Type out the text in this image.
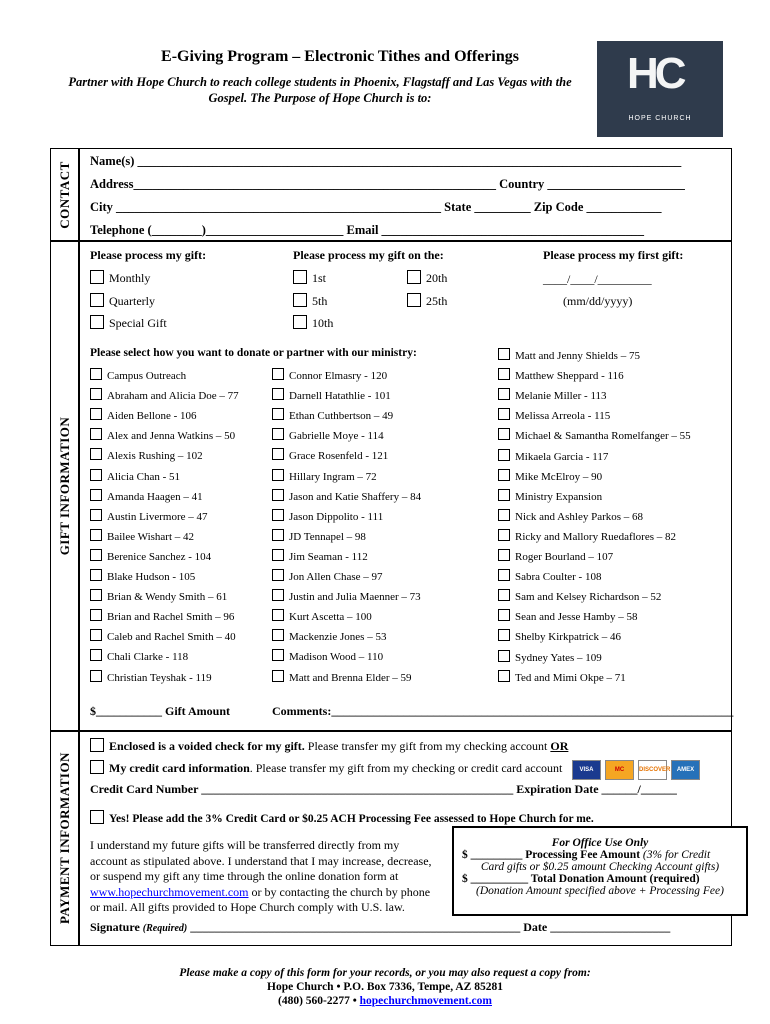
E-Giving Program – Electronic Tithes and Offerings
Partner with Hope Church to reach college students in Phoenix, Flagstaff and Las Vegas with the
Gospel. The Purpose of Hope Church is to:	HC
HOPE CHURCH
CONTACT
Name(s) _______________________________________________________________________________________
Address__________________________________________________________ Country ______________________
City ____________________________________________________ State _________ Zip Code ____________
Telephone (________)______________________ Email __________________________________________
GIFT INFORMATION
Please process my gift:	Please process my gift on the:	Please process my first gift:
Monthly
Quarterly
Special Gift
1st	20th
5th	25th
10th
____/____/_________
(mm/dd/yyyy)
Please select how you want to donate or partner with our ministry:
Campus Outreach
Abraham and Alicia Doe – 77
Aiden Bellone - 106
Alex and Jenna Watkins – 50
Alexis Rushing – 102
Alicia Chan - 51
Amanda Haagen – 41
Austin Livermore – 47
Bailee Wishart – 42
Berenice Sanchez - 104
Blake Hudson - 105
Brian & Wendy Smith – 61
Brian and Rachel Smith – 96
Caleb and Rachel Smith – 40
Chali Clarke - 118
Christian Teyshak - 119
Connor Elmasry - 120
Darnell Hatathlie - 101
Ethan Cuthbertson – 49
Gabrielle Moye - 114
Grace Rosenfeld - 121
Hillary Ingram – 72
Jason and Katie Shaffery – 84
Jason Dippolito - 111
JD Tennapel – 98
Jim Seaman - 112
Jon Allen Chase – 97
Justin and Julia Maenner – 73
Kurt Ascetta – 100
Mackenzie Jones – 53
Madison Wood – 110
Matt and Brenna Elder – 59
Matt and Jenny Shields – 75
Matthew Sheppard - 116
Melanie Miller - 113
Melissa Arreola - 115
Michael & Samantha Romelfanger – 55
Mikaela Garcia - 117
Mike McElroy – 90
Ministry Expansion
Nick and Ashley Parkos – 68
Ricky and Mallory Ruedaflores – 82
Roger Bourland – 107
Sabra Coulter - 108
Sam and Kelsey Richardson – 52
Sean and Jesse Hamby – 58
Shelby Kirkpatrick – 46
Sydney Yates – 109
Ted and Mimi Okpe – 71
$___________ Gift Amount	Comments:___________________________________________________________________
PAYMENT INFORMATION
Enclosed is a voided check for my gift. Please transfer my gift from my checking account OR
My credit card information. Please transfer my gift from my checking or credit card account	VISA	MC DISCOVER AMEX
Credit Card Number ____________________________________________________ Expiration Date ______/______
Yes! Please add the 3% Credit Card or $0.25 ACH Processing Fee assessed to Hope Church for me.
I understand my future gifts will be transferred directly from my
account as stipulated above. I understand that I may increase, decrease,
or suspend my gift any time through the online donation form at
www.hopechurchmovement.com or by contacting the church by phone
or mail. All gifts provided to Hope Church comply with U.S. law.
For Office Use Only
$ _________ Processing Fee Amount (3% for Credit
Card gifts or $0.25 amount Checking Account gifts)
$ __________ Total Donation Amount (required)
(Donation Amount specified above + Processing Fee)
Signature (Required) _______________________________________________________ Date ____________________
Please make a copy of this form for your records, or you may also request a copy from:
Hope Church • P.O. Box 7336, Tempe, AZ 85281
(480) 560-2277 • hopechurchmovement.com
